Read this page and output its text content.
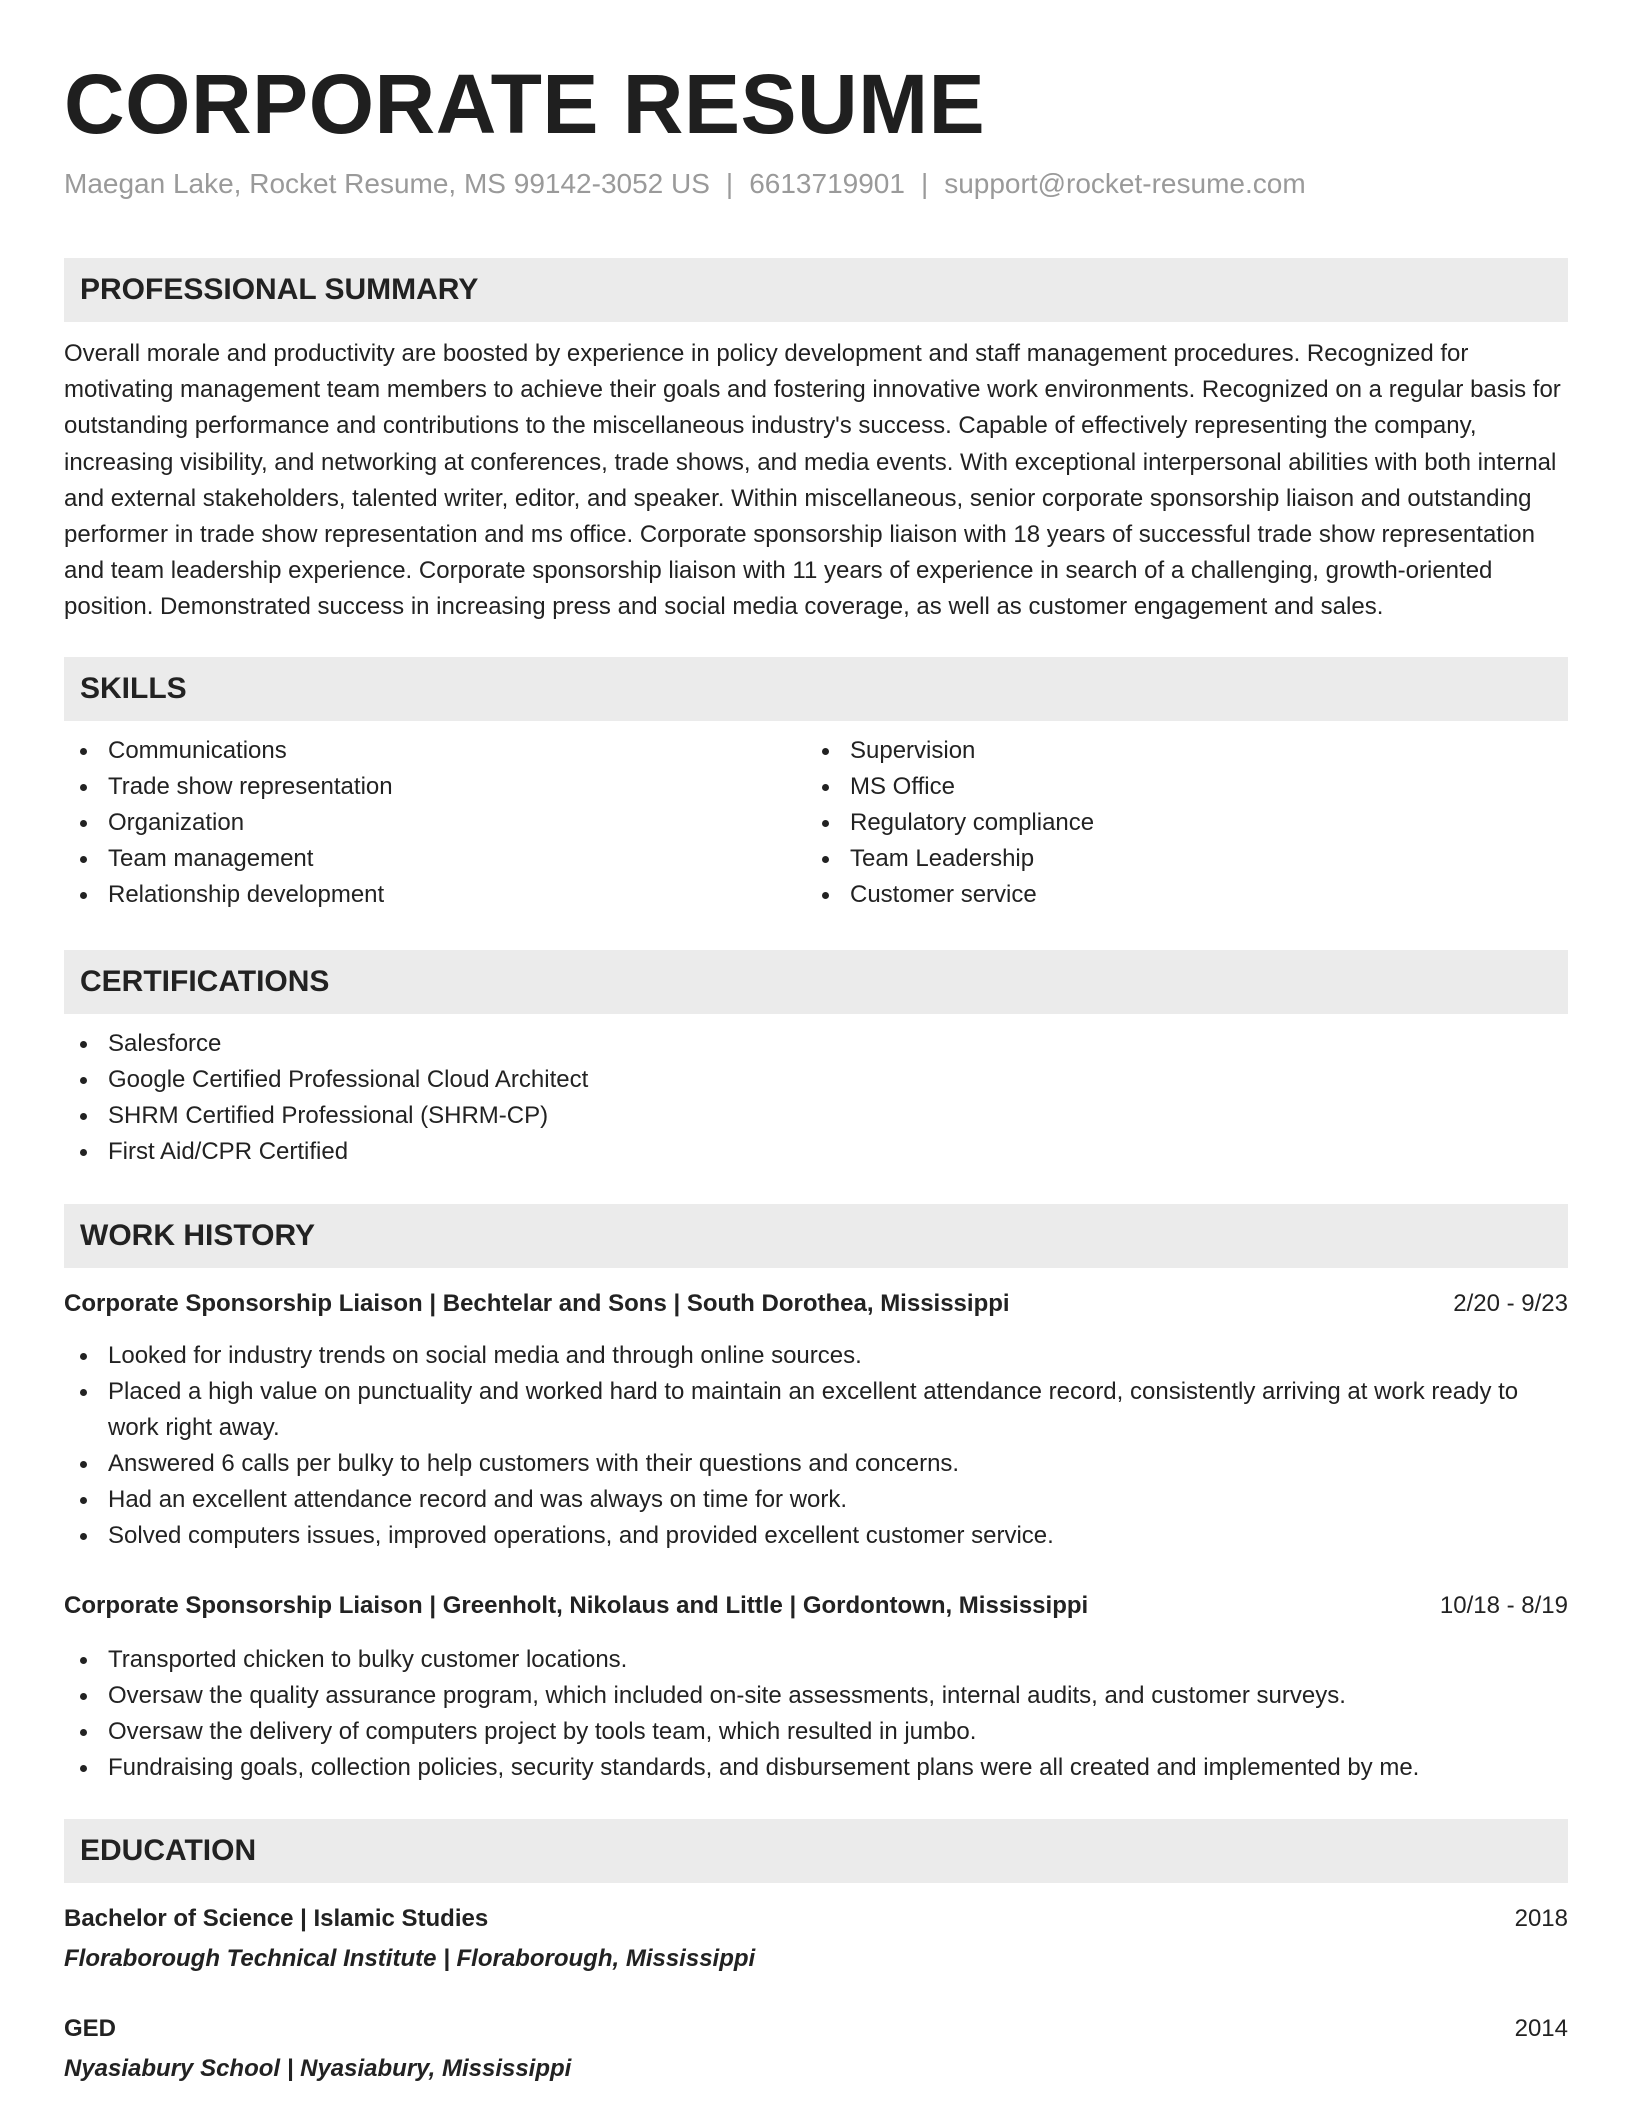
CORPORATE RESUME
Maegan Lake, Rocket Resume, MS 99142-3052 US | 6613719901 | support@rocket-resume.com
PROFESSIONAL SUMMARY

Overall morale and productivity are boosted by experience in policy development and staff management procedures. Recognized for motivating management team members to achieve their goals and fostering innovative work environments. Recognized on a regular basis for outstanding performance and contributions to the miscellaneous industry's success. Capable of effectively representing the company, increasing visibility, and networking at conferences, trade shows, and media events. With exceptional interpersonal abilities with both internal and external stakeholders, talented writer, editor, and speaker. Within miscellaneous, senior corporate sponsorship liaison and outstanding performer in trade show representation and ms office. Corporate sponsorship liaison with 18 years of successful trade show representation and team leadership experience. Corporate sponsorship liaison with 11 years of experience in search of a challenging, growth-oriented position. Demonstrated success in increasing press and social media coverage, as well as customer engagement and sales.

SKILLS
Communications
Trade show representation
Organization
Team management
Relationship development
Supervision
MS Office
Regulatory compliance
Team Leadership
Customer service
CERTIFICATIONS
Salesforce
Google Certified Professional Cloud Architect
SHRM Certified Professional (SHRM-CP)
First Aid/CPR Certified
WORK HISTORY
Corporate Sponsorship Liaison | Bechtelar and Sons | South Dorothea, Mississippi	2/20 - 9/23
Looked for industry trends on social media and through online sources.
Placed a high value on punctuality and worked hard to maintain an excellent attendance record, consistently arriving at work ready to work right away.
Answered 6 calls per bulky to help customers with their questions and concerns.
Had an excellent attendance record and was always on time for work.
Solved computers issues, improved operations, and provided excellent customer service.
Corporate Sponsorship Liaison | Greenholt, Nikolaus and Little | Gordontown, Mississippi	10/18 - 8/19
Transported chicken to bulky customer locations.
Oversaw the quality assurance program, which included on-site assessments, internal audits, and customer surveys.
Oversaw the delivery of computers project by tools team, which resulted in jumbo.
Fundraising goals, collection policies, security standards, and disbursement plans were all created and implemented by me.
EDUCATION
Bachelor of Science | Islamic Studies	2018
Floraborough Technical Institute | Floraborough, Mississippi
GED	2014
Nyasiabury School | Nyasiabury, Mississippi
